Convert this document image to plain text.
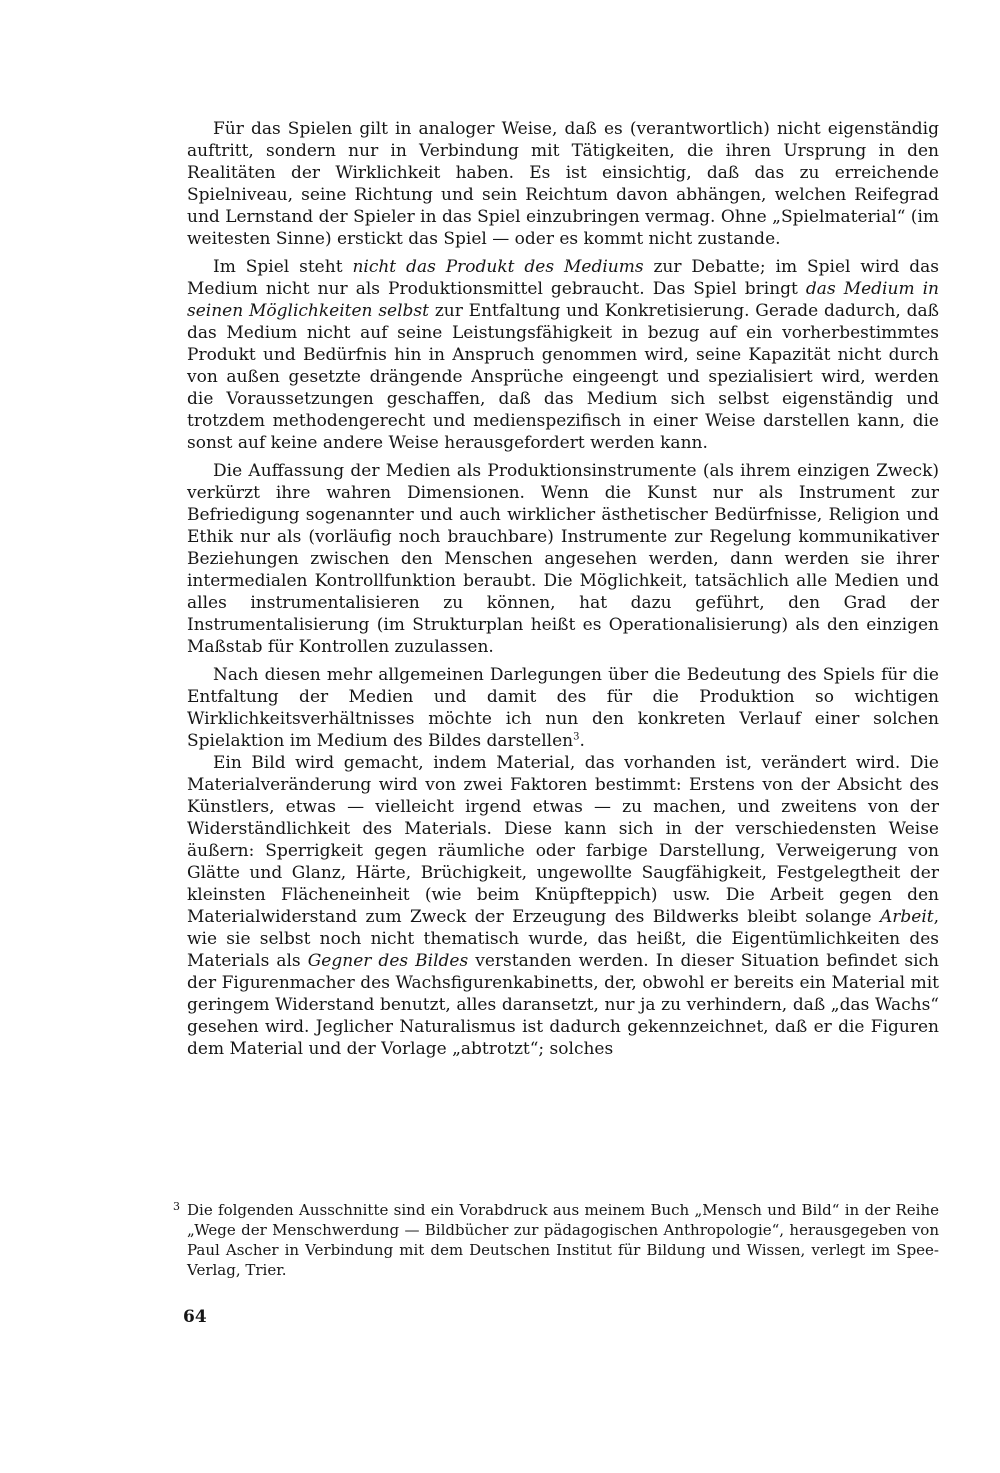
Für das Spielen gilt in analoger Weise, daß es (verantwortlich) nicht eigenständig auftritt, sondern nur in Verbindung mit Tätigkeiten, die ihren Ursprung in den Realitäten der Wirklichkeit haben. Es ist einsichtig, daß das zu erreichende Spielniveau, seine Richtung und sein Reichtum davon abhängen, welchen Reifegrad und Lernstand der Spieler in das Spiel einzubringen vermag. Ohne „Spielmaterial“ (im weitesten Sinne) erstickt das Spiel — oder es kommt nicht zustande.

Im Spiel steht nicht das Produkt des Mediums zur Debatte; im Spiel wird das Medium nicht nur als Produktionsmittel gebraucht. Das Spiel bringt das Medium in seinen Möglichkeiten selbst zur Entfaltung und Konkretisierung. Gerade dadurch, daß das Medium nicht auf seine Leistungsfähigkeit in bezug auf ein vorherbestimmtes Produkt und Bedürfnis hin in Anspruch genommen wird, seine Kapazität nicht durch von außen gesetzte drängende Ansprüche eingeengt und spezialisiert wird, werden die Voraussetzungen geschaffen, daß das Medium sich selbst eigenständig und trotzdem methodengerecht und medienspezifisch in einer Weise darstellen kann, die sonst auf keine andere Weise herausgefordert werden kann.

Die Auffassung der Medien als Produktionsinstrumente (als ihrem einzigen Zweck) verkürzt ihre wahren Dimensionen. Wenn die Kunst nur als Instrument zur Befriedigung sogenannter und auch wirklicher ästhetischer Bedürfnisse, Religion und Ethik nur als (vorläufig noch brauchbare) Instrumente zur Regelung kommunikativer Beziehungen zwischen den Menschen angesehen werden, dann werden sie ihrer intermedialen Kontrollfunktion beraubt. Die Möglichkeit, tatsächlich alle Medien und alles instrumentalisieren zu können, hat dazu geführt, den Grad der Instrumentalisierung (im Strukturplan heißt es Operationalisierung) als den einzigen Maßstab für Kontrollen zuzulassen.

Nach diesen mehr allgemeinen Darlegungen über die Bedeutung des Spiels für die Entfaltung der Medien und damit des für die Produktion so wichtigen Wirklichkeitsverhältnisses möchte ich nun den konkreten Verlauf einer solchen Spielaktion im Medium des Bildes darstellen$^3$.

Ein Bild wird gemacht, indem Material, das vorhanden ist, verändert wird. Die Materialveränderung wird von zwei Faktoren bestimmt: Erstens von der Absicht des Künstlers, etwas — vielleicht irgend etwas — zu machen, und zweitens von der Widerständlichkeit des Materials. Diese kann sich in der verschiedensten Weise äußern: Sperrigkeit gegen räumliche oder farbige Darstellung, Verweigerung von Glätte und Glanz, Härte, Brüchigkeit, ungewollte Saugfähigkeit, Festgelegtheit der kleinsten Flächeneinheit (wie beim Knüpfteppich) usw. Die Arbeit gegen den Materialwiderstand zum Zweck der Erzeugung des Bildwerks bleibt solange Arbeit, wie sie selbst noch nicht thematisch wurde, das heißt, die Eigentümlichkeiten des Materials als Gegner des Bildes verstanden werden. In dieser Situation befindet sich der Figurenmacher des Wachsfigurenkabinetts, der, obwohl er bereits ein Material mit geringem Widerstand benutzt, alles daransetzt, nur ja zu verhindern, daß „das Wachs“ gesehen wird. Jeglicher Naturalismus ist dadurch gekennzeichnet, daß er die Figuren dem Material und der Vorlage „abtrotzt“; solches

3 Die folgenden Ausschnitte sind ein Vorabdruck aus meinem Buch „Mensch und Bild“ in der Reihe „Wege der Menschwerdung — Bildbücher zur pädagogischen Anthropologie“, herausgegeben von Paul Ascher in Verbindung mit dem Deutschen Institut für Bildung und Wissen, verlegt im Spee-Verlag, Trier.
64
